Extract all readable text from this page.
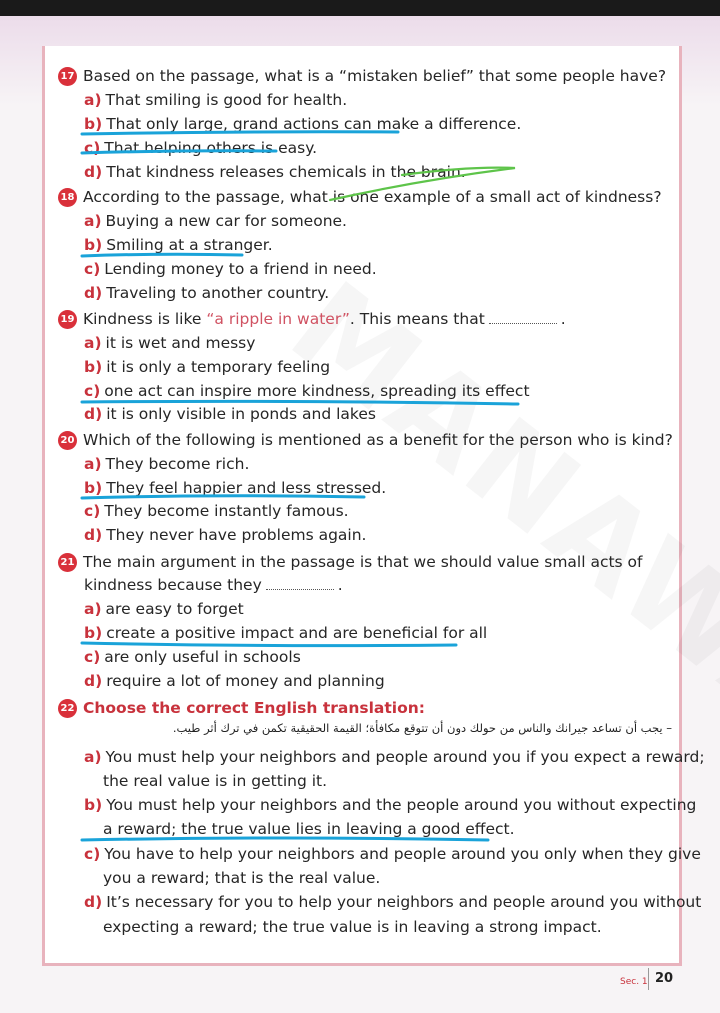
17 Based on the passage, what is a “mistaken belief” that some people have?
a) That smiling is good for health.
b) That only large, grand actions can make a difference.
c) That helping others is easy.
d) That kindness releases chemicals in the brain.
18 According to the passage, what is one example of a small act of kindness?
a) Buying a new car for someone.
b) Smiling at a stranger.
c) Lending money to a friend in need.
d) Traveling to another country.
19 Kindness is like “a ripple in water”. This means that	.
a) it is wet and messy
b) it is only a temporary feeling
c) one act can inspire more kindness, spreading its effect
d) it is only visible in ponds and lakes
20 Which of the following is mentioned as a benefit for the person who is kind?
a) They become rich.
b) They feel happier and less stressed.
c) They become instantly famous.
d) They never have problems again.
21 The main argument in the passage is that we should value small acts of
kindness because they	.
a) are easy to forget
b) create a positive impact and are beneficial for all
c) are only useful in schools
d) require a lot of money and planning
22 Choose the correct English translation:
– يجب أن تساعد جيرانك والناس من حولك دون أن تتوقع مكافأة؛ القيمة الحقيقية تكمن في ترك أثر طيب.
a) You must help your neighbors and people around you if you expect a reward;
the real value is in getting it.
b) You must help your neighbors and the people around you without expecting
a reward; the true value lies in leaving a good effect.
c) You have to help your neighbors and people around you only when they give
you a reward; that is the real value.
d) It’s necessary for you to help your neighbors and people around you without
expecting a reward; the true value is in leaving a strong impact.
Sec. 1 20
